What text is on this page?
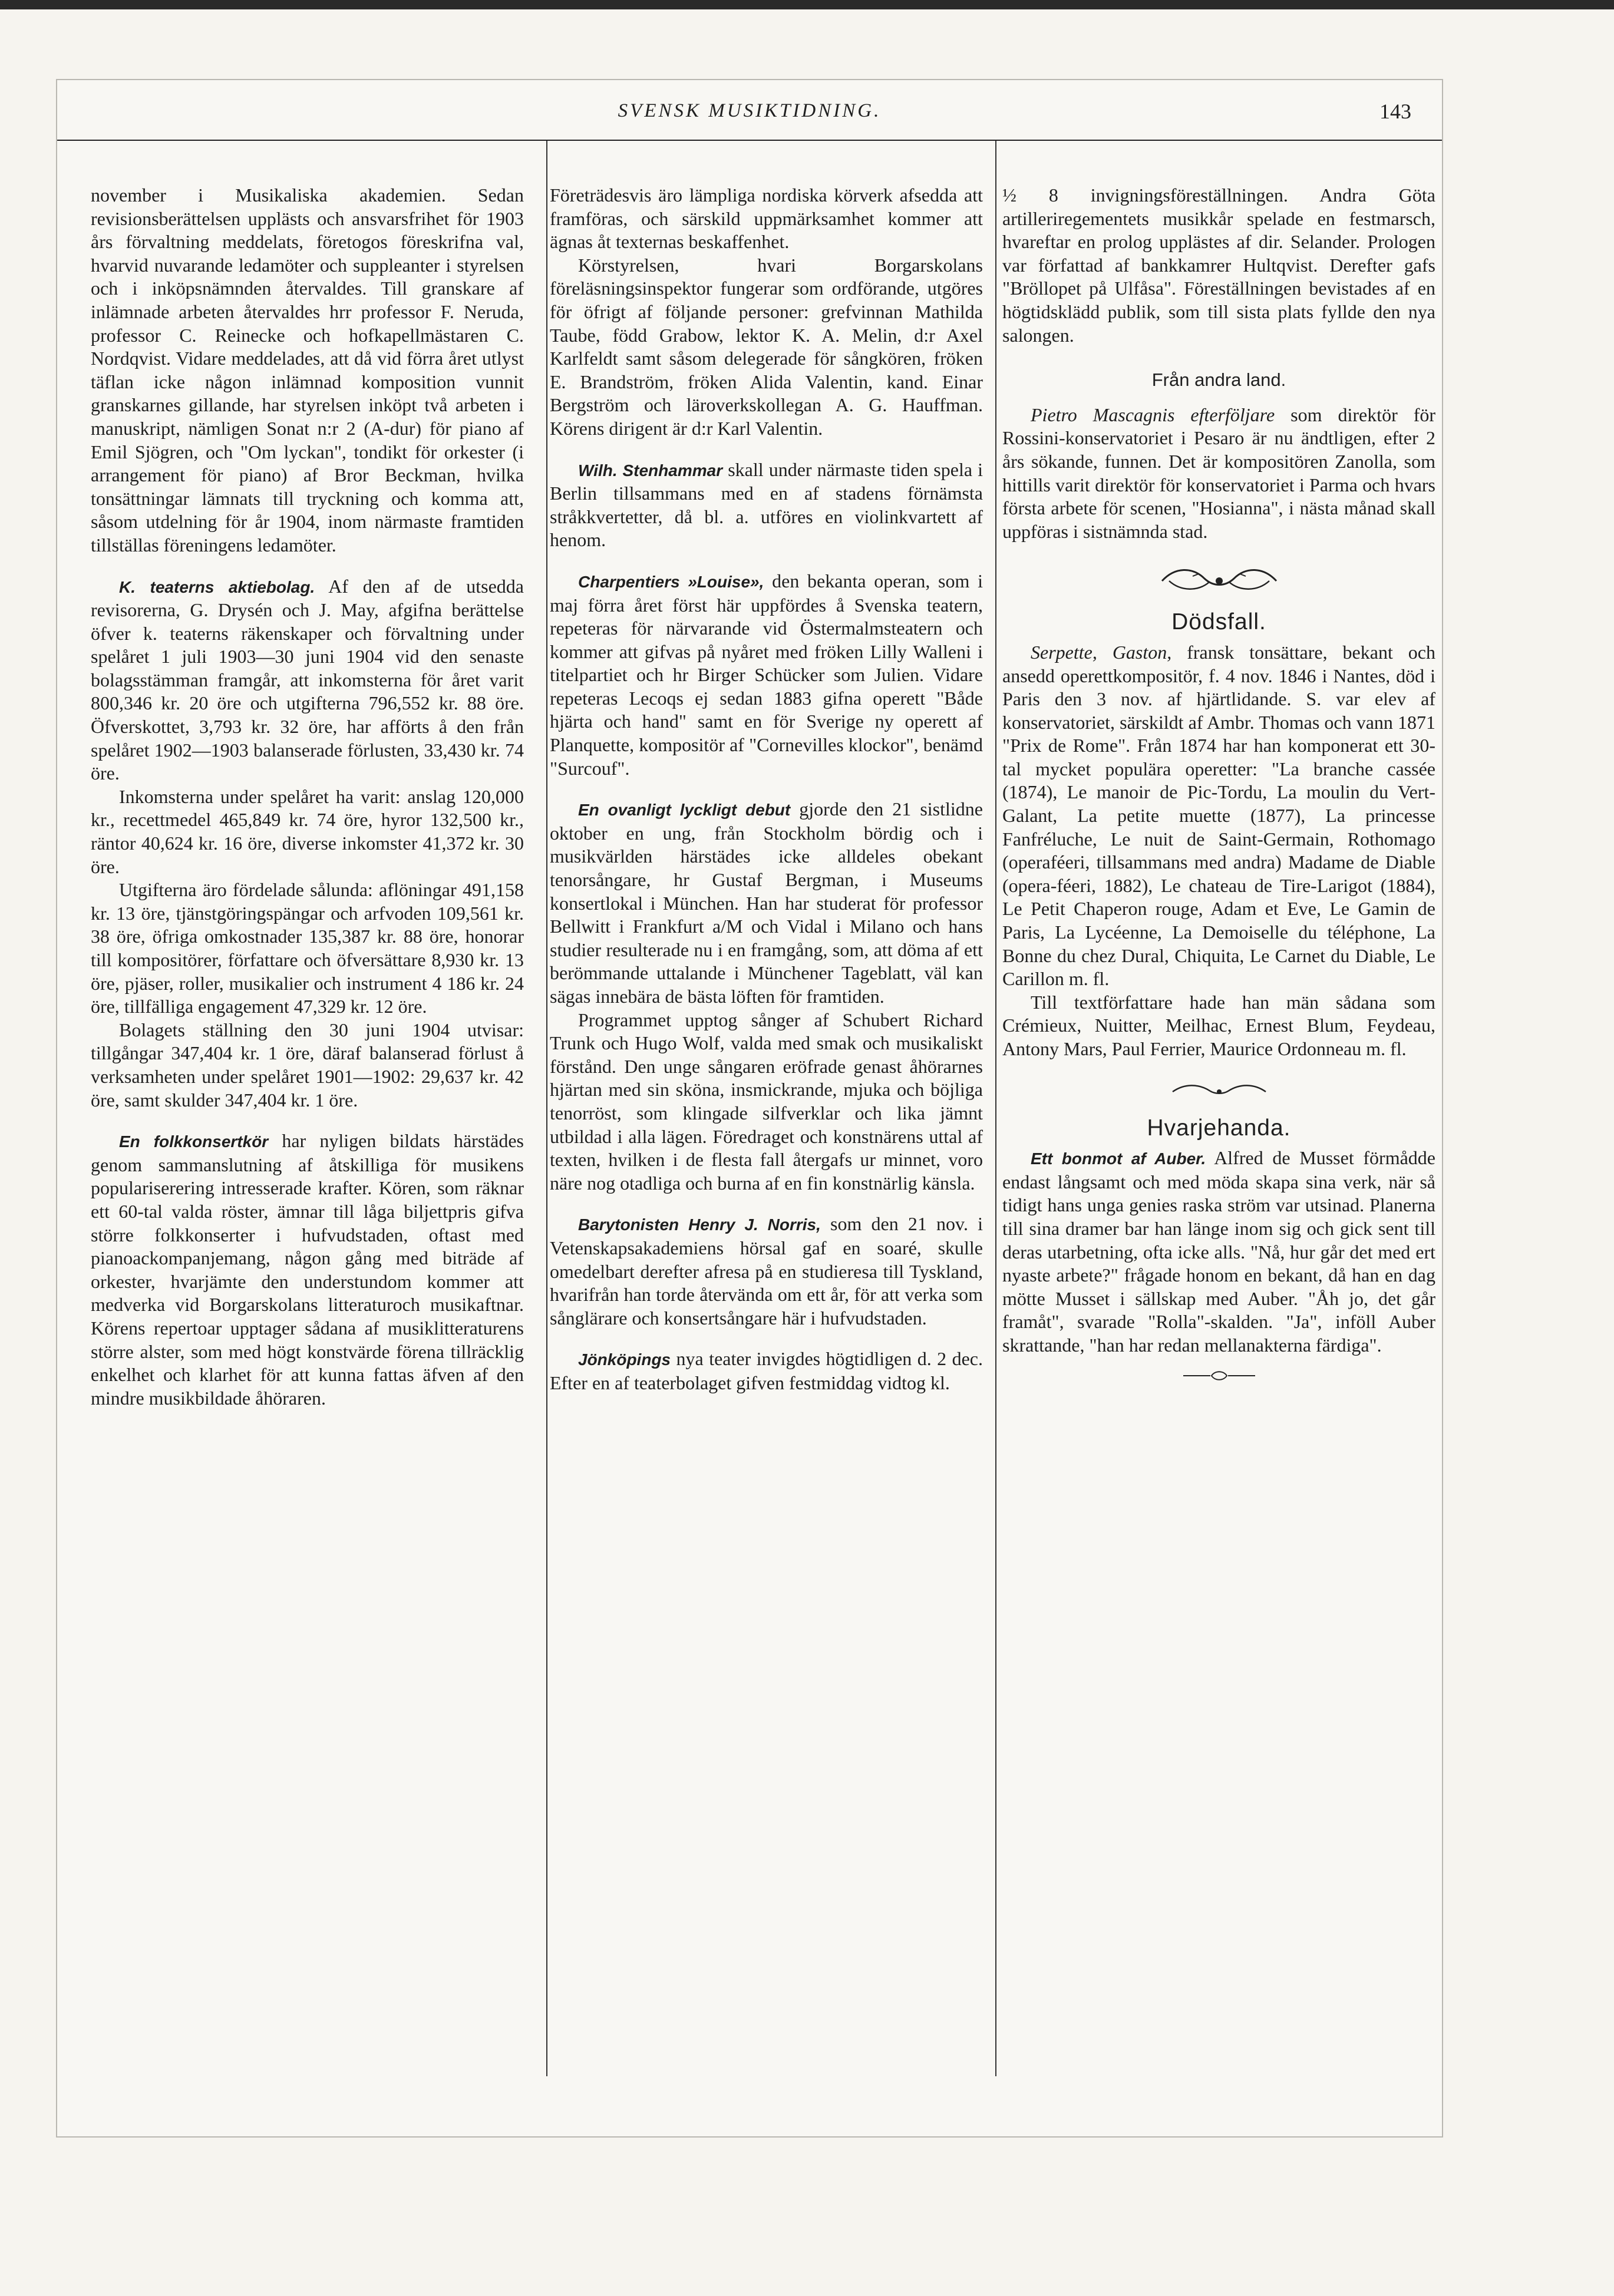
SVENSK MUSIKTIDNING.	143

november i Musikaliska akademien. Sedan revisionsberättelsen upplästs och ansvarsfrihet för 1903 års förvaltning meddelats, företogos föreskrifna val, hvarvid nuvarande ledamöter och suppleanter i styrelsen och i inköpsnämnden återvaldes. Till granskare af inlämnade arbeten återvaldes hrr professor F. Neruda, professor C. Reinecke och hofkapellmästaren C. Nordqvist. Vidare meddelades, att då vid förra året utlyst täflan icke någon inlämnad komposition vunnit granskarnes gillande, har styrelsen inköpt två arbeten i manuskript, nämligen Sonat n:r 2 (A-dur) för piano af Emil Sjögren, och "Om lyckan", tondikt för orkester (i arrangement för piano) af Bror Beckman, hvilka tonsättningar lämnats till tryckning och komma att, såsom utdelning för år 1904, inom närmaste framtiden tillställas föreningens ledamöter.

K. teaterns aktiebolag. Af den af de utsedda revisorerna, G. Drysén och J. May, afgifna berättelse öfver k. teaterns räkenskaper och förvaltning under spelåret 1 juli 1903—30 juni 1904 vid den senaste bolagsstämman framgår, att inkomsterna för året varit 800,346 kr. 20 öre och utgifterna 796,552 kr. 88 öre. Öfverskottet, 3,793 kr. 32 öre, har afförts å den från spelåret 1902—1903 balanserade förlusten, 33,430 kr. 74 öre.

Inkomsterna under spelåret ha varit: anslag 120,000 kr., recettmedel 465,849 kr. 74 öre, hyror 132,500 kr., räntor 40,624 kr. 16 öre, diverse inkomster 41,372 kr. 30 öre.

Utgifterna äro fördelade sålunda: aflöningar 491,158 kr. 13 öre, tjänstgöringspängar och arfvoden 109,561 kr. 38 öre, öfriga omkostnader 135,387 kr. 88 öre, honorar till kompositörer, författare och öfversättare 8,930 kr. 13 öre, pjäser, roller, musikalier och instrument 4 186 kr. 24 öre, tillfälliga engagement 47,329 kr. 12 öre.

Bolagets ställning den 30 juni 1904 utvisar: tillgångar 347,404 kr. 1 öre, däraf balanserad förlust å verksamheten under spelåret 1901—1902: 29,637 kr. 42 öre, samt skulder 347,404 kr. 1 öre.

En folkkonsertkör har nyligen bildats härstädes genom sammanslutning af åtskilliga för musikens populariserering intresserade krafter. Kören, som räknar ett 60-tal valda röster, ämnar till låga biljettpris gifva större folkkonserter i hufvudstaden, oftast med pianoackompanjemang, någon gång med biträde af orkester, hvarjämte den understundom kommer att medverka vid Borgarskolans litteraturoch musikaftnar. Körens repertoar upptager sådana af musiklitteraturens större alster, som med högt konstvärde förena tillräcklig enkelhet och klarhet för att kunna fattas äfven af den mindre musikbildade åhöraren.

Företrädesvis äro lämpliga nordiska körverk afsedda att framföras, och särskild uppmärksamhet kommer att ägnas åt texternas beskaffenhet.

Körstyrelsen, hvari Borgarskolans föreläsningsinspektor fungerar som ordförande, utgöres för öfrigt af följande personer: grefvinnan Mathilda Taube, född Grabow, lektor K. A. Melin, d:r Axel Karlfeldt samt såsom delegerade för sångkören, fröken E. Brandström, fröken Alida Valentin, kand. Einar Bergström och läroverkskollegan A. G. Hauffman. Körens dirigent är d:r Karl Valentin.

Wilh. Stenhammar skall under närmaste tiden spela i Berlin tillsammans med en af stadens förnämsta stråkkvertetter, då bl. a. utföres en violinkvartett af henom.

Charpentiers »Louise», den bekanta operan, som i maj förra året först här uppfördes å Svenska teatern, repeteras för närvarande vid Östermalmsteatern och kommer att gifvas på nyåret med fröken Lilly Walleni i titelpartiet och hr Birger Schücker som Julien. Vidare repeteras Lecoqs ej sedan 1883 gifna operett "Både hjärta och hand" samt en för Sverige ny operett af Planquette, kompositör af "Cornevilles klockor", benämd "Surcouf".

En ovanligt lyckligt debut gjorde den 21 sistlidne oktober en ung, från Stockholm bördig och i musikvärlden härstädes icke alldeles obekant tenorsångare, hr Gustaf Bergman, i Museums konsertlokal i München. Han har studerat för professor Bellwitt i Frankfurt a/M och Vidal i Milano och hans studier resulterade nu i en framgång, som, att döma af ett berömmande uttalande i Münchener Tageblatt, väl kan sägas innebära de bästa löften för framtiden.

Programmet upptog sånger af Schubert Richard Trunk och Hugo Wolf, valda med smak och musikaliskt förstånd. Den unge sångaren eröfrade genast åhörarnes hjärtan med sin sköna, insmickrande, mjuka och böjliga tenorröst, som klingade silfverklar och lika jämnt utbildad i alla lägen. Föredraget och konstnärens uttal af texten, hvilken i de flesta fall återgafs ur minnet, voro näre nog otadliga och burna af en fin konstnärlig känsla.

Barytonisten Henry J. Norris, som den 21 nov. i Vetenskapsakademiens hörsal gaf en soaré, skulle omedelbart derefter afresa på en studieresa till Tyskland, hvarifrån han torde återvända om ett år, för att verka som sånglärare och konsertsångare här i hufvudstaden.

Jönköpings nya teater invigdes högtidligen d. 2 dec. Efter en af teaterbolaget gifven festmiddag vidtog kl.

½ 8 invigningsföreställningen. Andra Göta artilleriregementets musikkår spelade en festmarsch, hvareftar en prolog upplästes af dir. Selander. Prologen var författad af bankkamrer Hultqvist. Derefter gafs "Bröllopet på Ulfåsa". Föreställningen bevistades af en högtidsklädd publik, som till sista plats fyllde den nya salongen.

Från andra land.

Pietro Mascagnis efterföljare som direktör för Rossini-konservatoriet i Pesaro är nu ändtligen, efter 2 års sökande, funnen. Det är kompositören Zanolla, som hittills varit direktör för konservatoriet i Parma och hvars första arbete för scenen, "Hosianna", i nästa månad skall uppföras i sistnämnda stad.

Dödsfall.

Serpette, Gaston, fransk tonsättare, bekant och ansedd operettkompositör, f. 4 nov. 1846 i Nantes, död i Paris den 3 nov. af hjärtlidande. S. var elev af konservatoriet, särskildt af Ambr. Thomas och vann 1871 "Prix de Rome". Från 1874 har han komponerat ett 30-tal mycket populära operetter: "La branche cassée (1874), Le manoir de Pic-Tordu, La moulin du Vert-Galant, La petite muette (1877), La princesse Fanfréluche, Le nuit de Saint-Germain, Rothomago (operaféeri, tillsammans med andra) Madame de Diable (opera-féeri, 1882), Le chateau de Tire-Larigot (1884), Le Petit Chaperon rouge, Adam et Eve, Le Gamin de Paris, La Lycéenne, La Demoiselle du téléphone, La Bonne du chez Dural, Chiquita, Le Carnet du Diable, Le Carillon m. fl.

Till textförfattare hade han män sådana som Crémieux, Nuitter, Meilhac, Ernest Blum, Feydeau, Antony Mars, Paul Ferrier, Maurice Ordonneau m. fl.

Hvarjehanda.

Ett bonmot af Auber. Alfred de Musset förmådde endast långsamt och med möda skapa sina verk, när så tidigt hans unga genies raska ström var utsinad. Planerna till sina dramer bar han länge inom sig och gick sent till deras utarbetning, ofta icke alls. "Nå, hur går det med ert nyaste arbete?" frågade honom en bekant, då han en dag mötte Musset i sällskap med Auber. "Åh jo, det går framåt", svarade "Rolla"-skalden. "Ja", inföll Auber skrattande, "han har redan mellanakterna färdiga".
